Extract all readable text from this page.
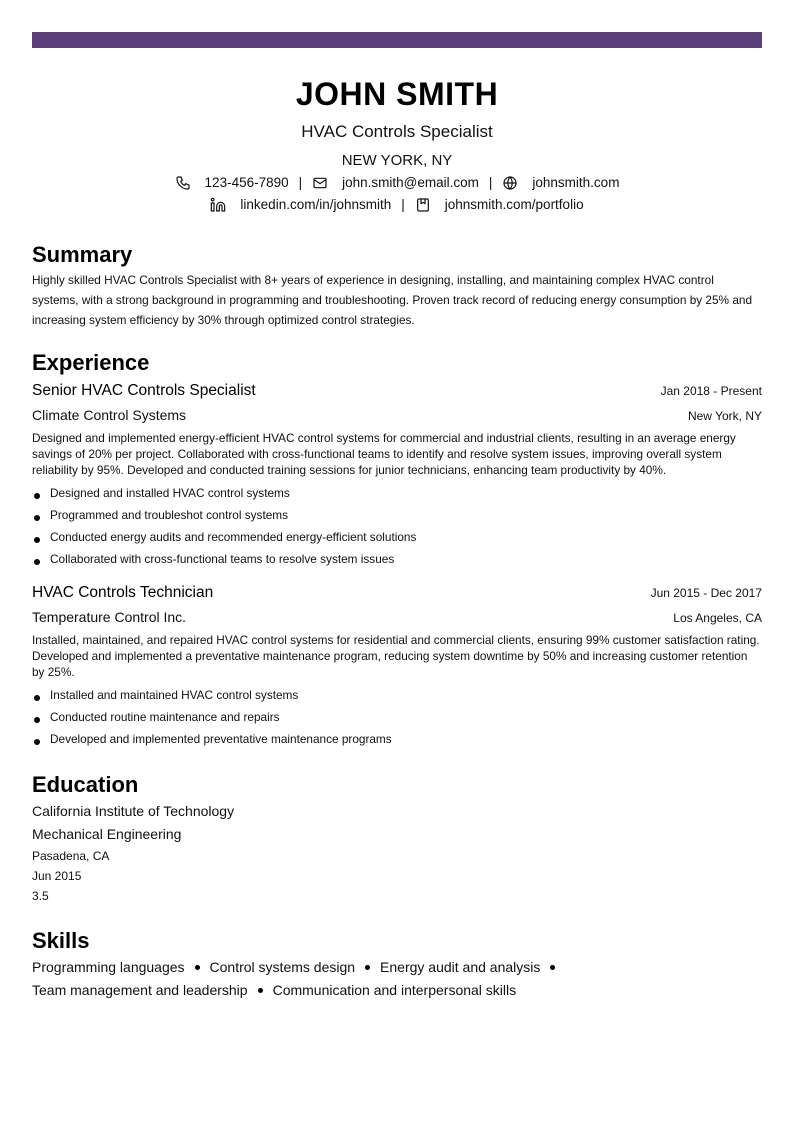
JOHN SMITH
HVAC Controls Specialist
NEW YORK, NY
123-456-7890 |	john.smith@email.com |	johnsmith.com
linkedin.com/in/johnsmith |	johnsmith.com/portfolio
Summary
Highly skilled HVAC Controls Specialist with 8+ years of experience in designing, installing, and maintaining complex HVAC control systems, with a strong background in programming and troubleshooting. Proven track record of reducing energy consumption by 25% and increasing system efficiency by 30% through optimized control strategies.
Experience
Senior HVAC Controls Specialist	Jan 2018 - Present
Climate Control Systems	New York, NY
Designed and implemented energy-efficient HVAC control systems for commercial and industrial clients, resulting in an average energy savings of 20% per project. Collaborated with cross-functional teams to identify and resolve system issues, improving overall system reliability by 95%. Developed and conducted training sessions for junior technicians, enhancing team productivity by 40%.
Designed and installed HVAC control systems
Programmed and troubleshot control systems
Conducted energy audits and recommended energy-efficient solutions
Collaborated with cross-functional teams to resolve system issues
HVAC Controls Technician	Jun 2015 - Dec 2017
Temperature Control Inc.	Los Angeles, CA
Installed, maintained, and repaired HVAC control systems for residential and commercial clients, ensuring 99% customer satisfaction rating. Developed and implemented a preventative maintenance program, reducing system downtime by 50% and increasing customer retention by 25%.
Installed and maintained HVAC control systems
Conducted routine maintenance and repairs
Developed and implemented preventative maintenance programs
Education
California Institute of Technology
Mechanical Engineering
Pasadena, CA
Jun 2015
3.5
Skills
Programming languages Control systems design Energy audit and analysis
Team management and leadership Communication and interpersonal skills
